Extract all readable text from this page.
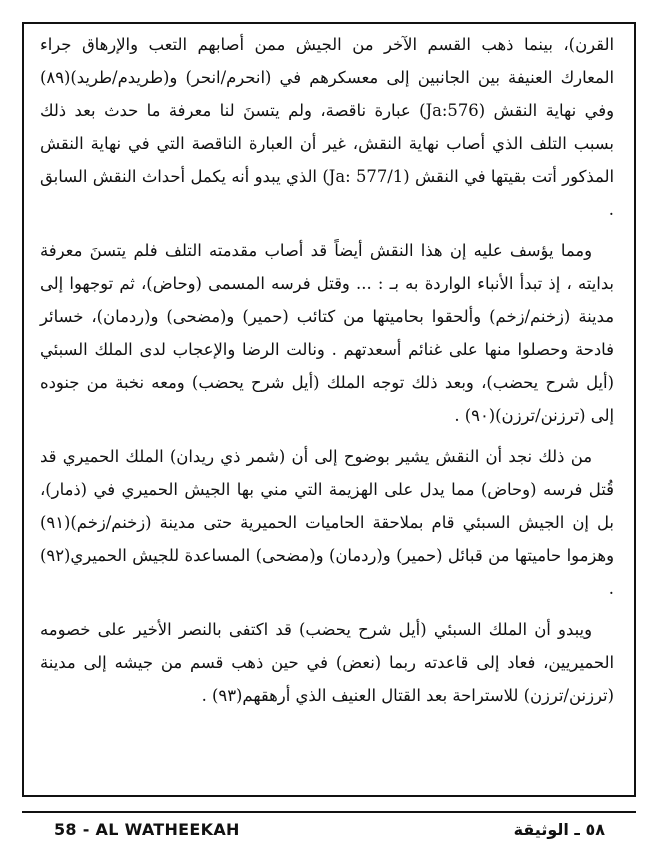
القرن)، بينما ذهب القسم الآخر من الجيش ممن أصابهم التعب والإرهاق جراء المعارك العنيفة بين الجانبين إلى معسكرهم في (انحرم/انحر) و(طريدم/طريد)(٨٩) وفي نهاية النقش (Ja:576) عبارة ناقصة، ولم يتسنَ لنا معرفة ما حدث بعد ذلك بسبب التلف الذي أصاب نهاية النقش، غير أن العبارة الناقصة التي في نهاية النقش المذكور أتت بقيتها في النقش (Ja: 577/1) الذي يبدو أنه يكمل أحداث النقش السابق .

ومما يؤسف عليه إن هذا النقش أيضاً قد أصاب مقدمته التلف فلم يتسنَ معرفة بدايته ، إذ تبدأ الأنباء الواردة به بـ : ... وقتل فرسه المسمى (وحاض)، ثم توجهوا إلى مدينة (زخنم/زخم) وألحقوا بحاميتها من كتائب (حمير) و(مضحى) و(ردمان)، خسائر فادحة وحصلوا منها على غنائم أسعدتهم . ونالت الرضا والإعجاب لدى الملك السبئي (أيل شرح يحضب)، وبعد ذلك توجه الملك (أيل شرح يحضب) ومعه نخبة من جنوده إلى (ترزنن/ترزن)(٩٠) .

من ذلك نجد أن النقش يشير بوضوح إلى أن (شمر ذي ريدان) الملك الحميري قد قُتل فرسه (وحاض) مما يدل على الهزيمة التي مني بها الجيش الحميري في (ذمار)، بل إن الجيش السبئي قام بملاحقة الحاميات الحميرية حتى مدينة (زخنم/زخم)(٩١) وهزموا حاميتها من قبائل (حمير) و(ردمان) و(مضحى) المساعدة للجيش الحميري(٩٢) .

ويبدو أن الملك السبئي (أيل شرح يحضب) قد اكتفى بالنصر الأخير على خصومه الحميريين، فعاد إلى قاعدته ربما (نعض) في حين ذهب قسم من جيشه إلى مدينة (ترزنن/ترزن) للاستراحة بعد القتال العنيف الذي أرهقهم(٩٣) .

58 - AL WATHEEKAH	٥٨ ـ الوثيقة
